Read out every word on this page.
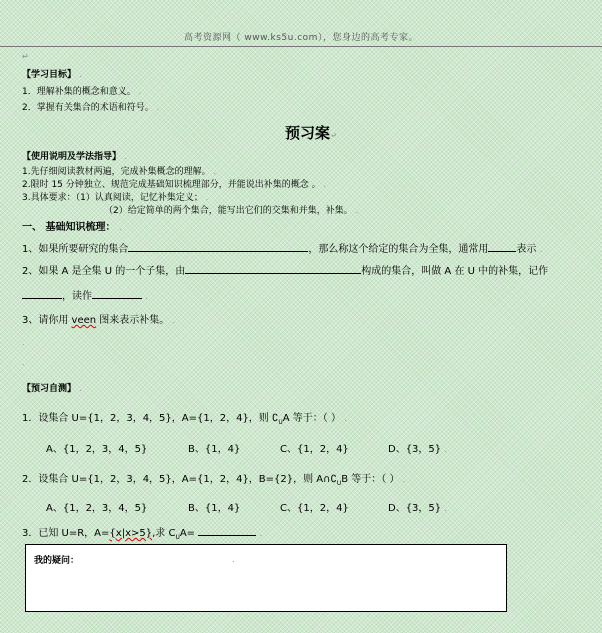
高考资源网（ www.ks5u.com），您身边的高考专家。
↵
【学习目标】 .
1．理解补集的概念和意义。 .
2．掌握有关集合的术语和符号。 .
预习案↵
【使用说明及学法指导】 .
1.先仔细阅读教材两遍，完成补集概念的理解。 .
2.限时 15 分钟独立、规范完成基础知识梳理部分，并能说出补集的概念 。 .
3.具体要求：（1）认真阅读，记忆补集定义； .
（2）给定简单的两个集合，能写出它们的交集和并集，补集。 .
一、 基础知识梳理： .
1、如果所要研究的集合	，那么称这个给定的集合为全集，通常用	表示 .
2、如果 A 是全集 U 的一个子集，由	构成的集合，叫做 A 在 U 中的补集，记作
，读作	.
3、请你用 veen 图来表示补集。 .
.
.
【预习自测】 .
1．设集合 U={1，2，3，4，5}，A={1，2，4}，则 $∁_UA$ 等于：（ ） .
A、{1，2，3，4，5}	B、{1，4}	C、{1，2，4}	D、{3，5} .
2．设集合 U={1，2，3，4，5}，A={1，2，4}，B={2}，则 $A\cap∁_UB$ 等于：（ ） .
A、{1，2，3，4，5}	B、{1，4}	C、{1，2，4}	D、{3，5} .
3．已知 U=R，A={x|x>5},求 $C_UA=$	.
我的疑问：	.
